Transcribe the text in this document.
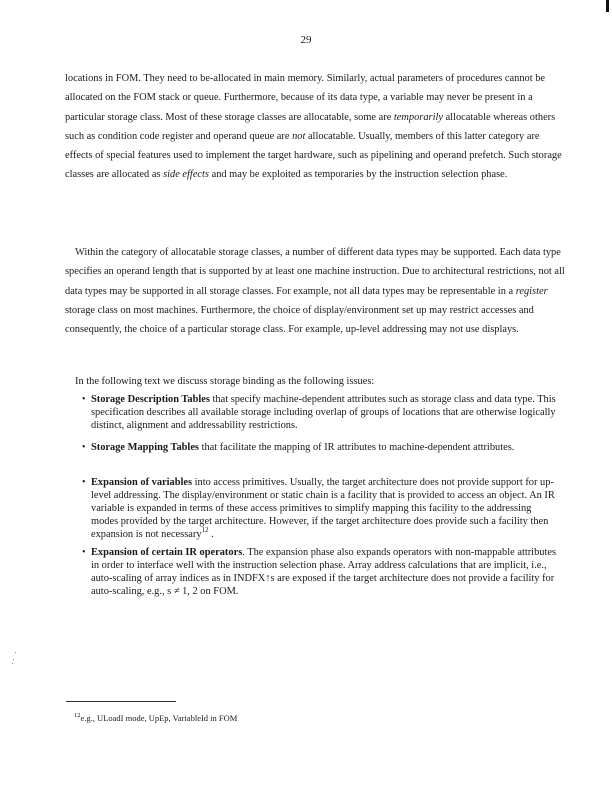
29

locations in FOM. They need to be-allocated in main memory. Similarly, actual parameters of procedures cannot be allocated on the FOM stack or queue. Furthermore, because of its data type, a variable may never be present in a particular storage class. Most of these storage classes are allocatable, some are temporarily allocatable whereas others such as condition code register and operand queue are not allocatable. Usually, members of this latter category are effects of special features used to implement the target hardware, such as pipelining and operand prefetch. Such storage classes are allocated as side effects and may be exploited as temporaries by the instruction selection phase.

Within the category of allocatable storage classes, a number of different data types may be supported. Each data type specifies an operand length that is supported by at least one machine instruction. Due to architectural restrictions, not all data types may be supported in all storage classes. For example, not all data types may be representable in a register storage class on most machines. Furthermore, the choice of display/environment set up may restrict accesses and consequently, the choice of a particular storage class. For example, up-level addressing may not use displays.

In the following text we discuss storage binding as the following issues:

• Storage Description Tables that specify machine-dependent attributes such as storage class and data type. This specification describes all available storage including overlap of groups of locations that are otherwise logically distinct, alignment and addressability restrictions.
• Storage Mapping Tables that facilitate the mapping of IR attributes to machine-dependent attributes.
• Expansion of variables into access primitives. Usually, the target architecture does not provide support for up-level addressing. The display/environment or static chain is a facility that is provided to access an object. An IR variable is expanded in terms of these access primitives to simplify mapping this facility to the addressing modes provided by the target architecture. However, if the target architecture does provide such a facility then expansion is not necessary$^{12}$ .
• Expansion of certain IR operators. The expansion phase also expands operators with non-mappable attributes in order to interface well with the instruction selection phase. Array address calculations that are implicit, i.e., auto-scaling of array indices as in INDFX↑s are exposed if the target architecture does not provide a facility for auto-scaling, e.g., s ≠ 1, 2 on FOM.
$^{12}$e.g., ULoadI mode, UpEp, VariableId in FOM
